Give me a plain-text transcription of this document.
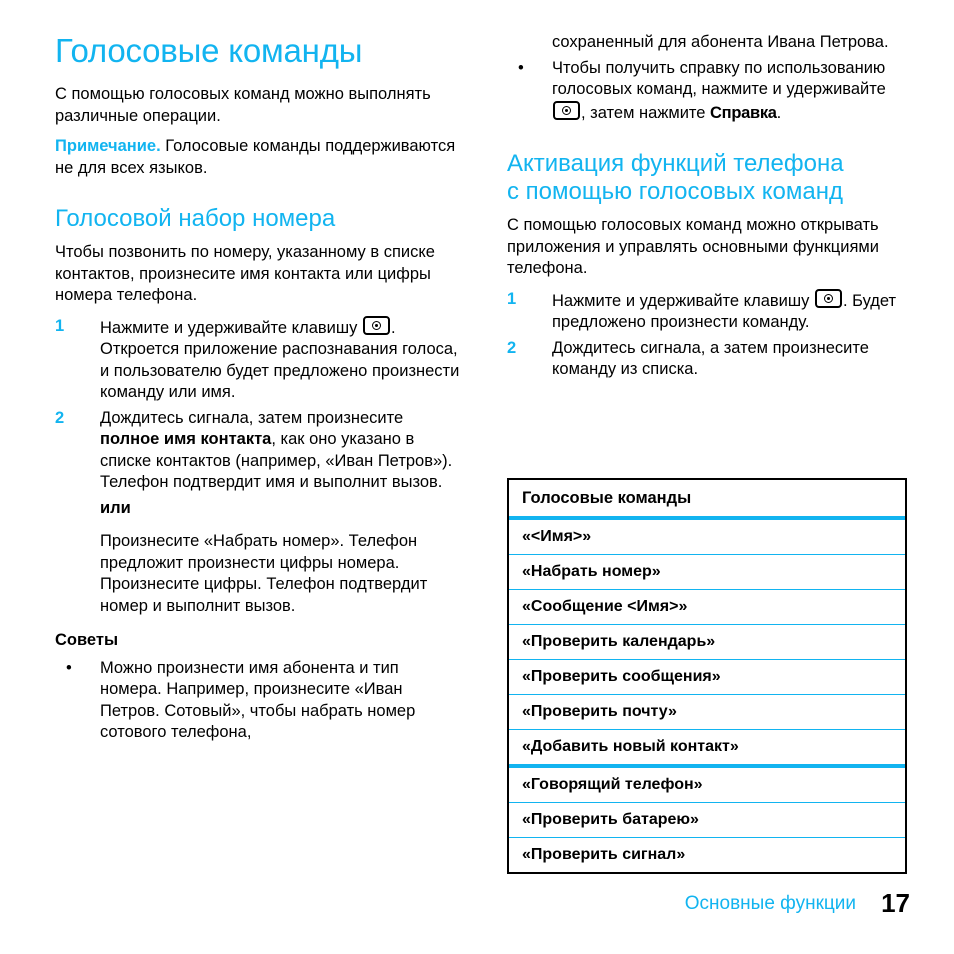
Голосовые команды

С помощью голосовых команд можно выполнять различные операции.

Примечание. Голосовые команды поддерживаются не для всех языков.

Голосовой набор номера

Чтобы позвонить по номеру, указанному в списке контактов, произнесите имя контакта или цифры номера телефона.

1	Нажмите и удерживайте клавишу . Откроется приложение распознавания голоса, и пользователю будет предложено произнести команду или имя.
2	Дождитесь сигнала, затем произнесите полное имя контакта, как оно указано в списке контактов (например, «Иван Петров»). Телефон подтвердит имя и выполнит вызов.
или
Произнесите «Набрать номер». Телефон предложит произнести цифры номера. Произнесите цифры. Телефон подтвердит номер и выполнит вызов.
Советы
• Можно произнести имя абонента и тип номера. Например, произнесите «Иван Петров. Сотовый», чтобы набрать номер сотового телефона,
сохраненный для абонента Ивана Петрова.
• Чтобы получить справку по использованию голосовых команд, нажмите и удерживайте , затем нажмите Справка.
Активация функций телефона
с помощью голосовых команд

С помощью голосовых команд можно открывать приложения и управлять основными функциями телефона.

1	Нажмите и удерживайте клавишу . Будет предложено произнести команду.
2	Дождитесь сигнала, а затем произнесите команду из списка.
Голосовые команды
«<Имя>»
«Набрать номер»
«Сообщение <Имя>»
«Проверить календарь»
«Проверить сообщения»
«Проверить почту»
«Добавить новый контакт»
«Говорящий телефон»
«Проверить батарею»
«Проверить сигнал»
Основные функции 17
